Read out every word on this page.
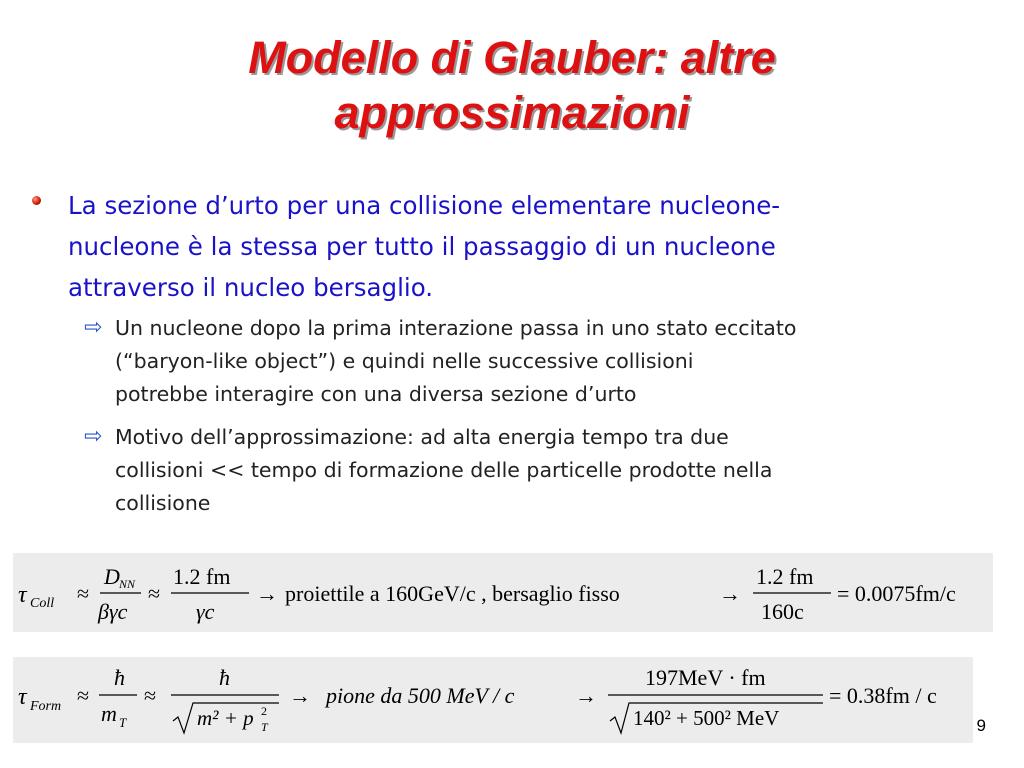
Modello di Glauber: altre
approssimazioni
La sezione d’urto per una collisione elementare nucleone-
nucleone è la stessa per tutto il passaggio di un nucleone
attraverso il nucleo bersaglio.
⇨ Un nucleone dopo la prima interazione passa in uno stato eccitato
(“baryon-like object”) e quindi nelle successive collisioni
potrebbe interagire con una diversa sezione d’urto
⇨ Motivo dell’approssimazione: ad alta energia tempo tra due
collisioni << tempo di formazione delle particelle prodotte nella
collisione
τ Coll ≈
D NN
βγc
≈
1.2 fm
γc
→ proiettile a 160GeV/c , bersaglio fisso	→
1.2 fm
160c
= 0.0075fm/c
τ Form ≈
ħ
m T
≈
ħ
m² + p T
2
→ pione da 500 MeV / c	→
197MeV · fm
140² + 500² MeV
= 0.38fm / c
9
